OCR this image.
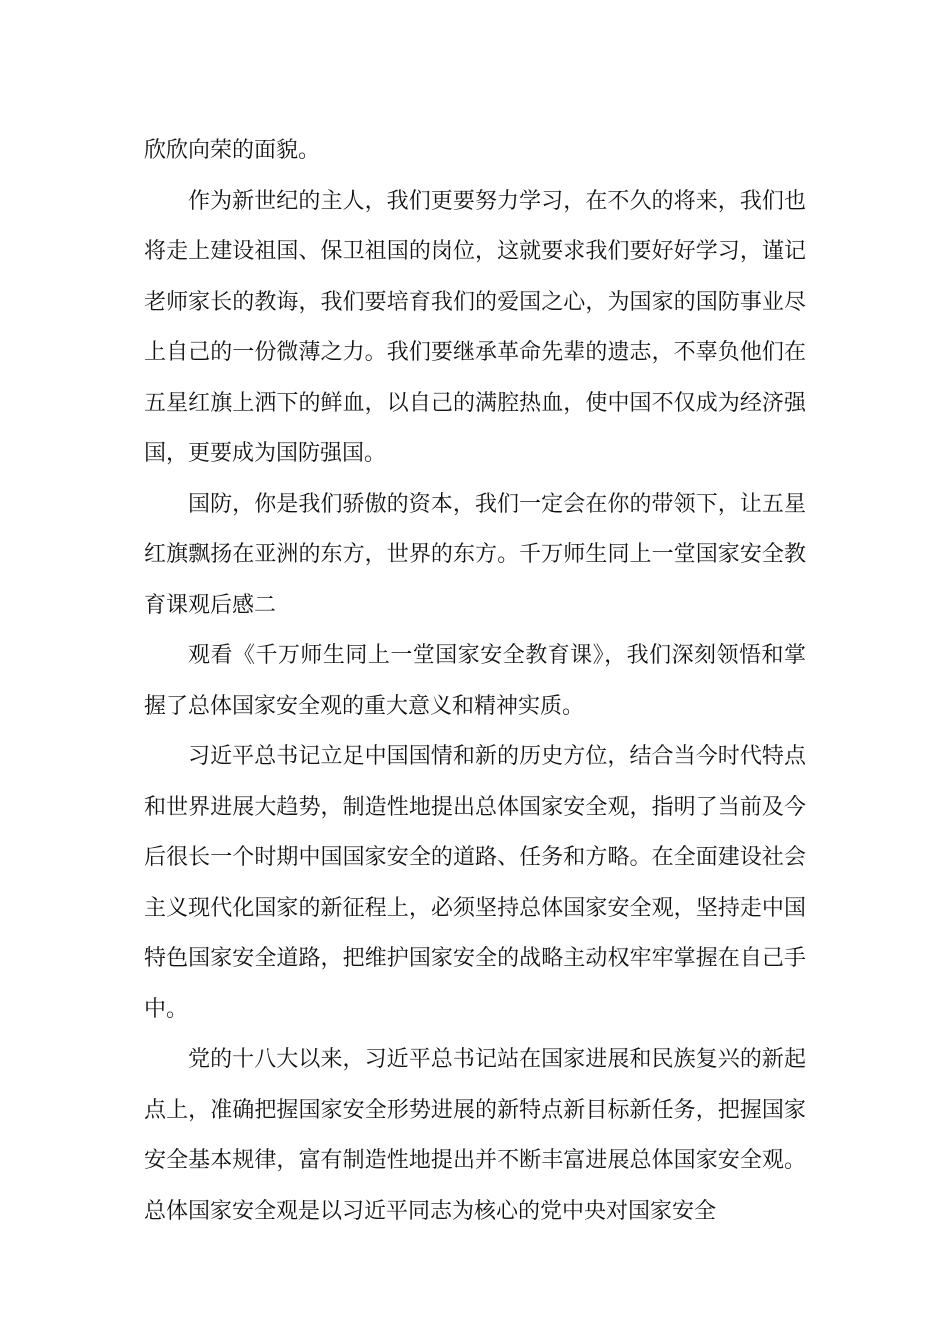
欣欣向荣的面貌。

作为新世纪的主人，我们更要努力学习，在不久的将来，我们也将走上建设祖国、保卫祖国的岗位，这就要求我们要好好学习，谨记老师家长的教诲，我们要培育我们的爱国之心，为国家的国防事业尽上自己的一份微薄之力。我们要继承革命先辈的遗志，不辜负他们在五星红旗上洒下的鲜血，以自己的满腔热血，使中国不仅成为经济强国，更要成为国防强国。

国防，你是我们骄傲的资本，我们一定会在你的带领下，让五星红旗飘扬在亚洲的东方，世界的东方。千万师生同上一堂国家安全教育课观后感二

观看《千万师生同上一堂国家安全教育课》，我们深刻领悟和掌握了总体国家安全观的重大意义和精神实质。

习近平总书记立足中国国情和新的历史方位，结合当今时代特点和世界进展大趋势，制造性地提出总体国家安全观，指明了当前及今后很长一个时期中国国家安全的道路、任务和方略。在全面建设社会主义现代化国家的新征程上，必须坚持总体国家安全观，坚持走中国特色国家安全道路，把维护国家安全的战略主动权牢牢掌握在自己手中。

党的十八大以来，习近平总书记站在国家进展和民族复兴的新起点上，准确把握国家安全形势进展的新特点新目标新任务，把握国家安全基本规律，富有制造性地提出并不断丰富进展总体国家安全观。总体国家安全观是以习近平同志为核心的党中央对国家安全
